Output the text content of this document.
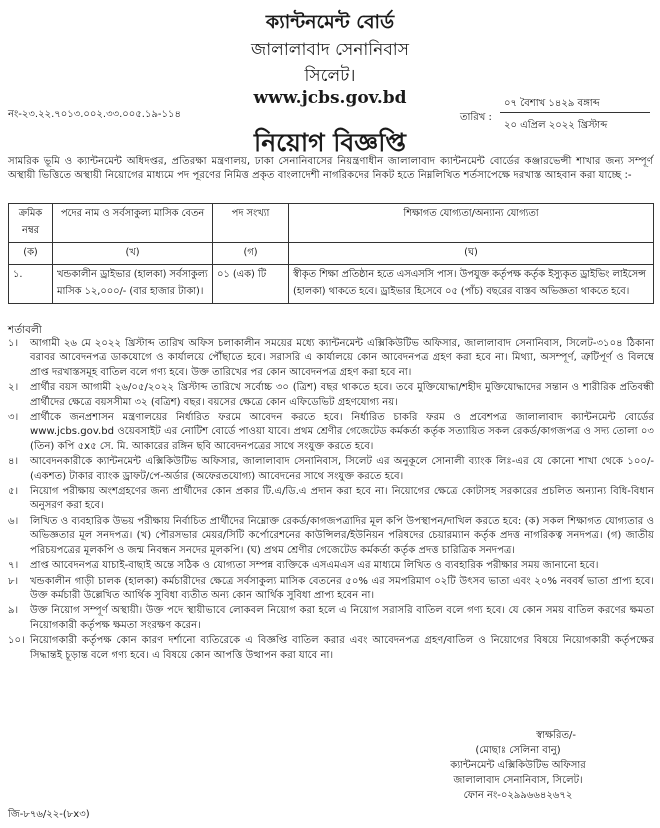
ক্যান্টনমেন্ট বোর্ড
জালালাবাদ সেনানিবাস
সিলেট।
www.jcbs.gov.bd
নং-২৩.২২.৭০১৩.০০২.৩৩.০০৫.১৯-১১৪	তারিখ :
০৭ বৈশাখ ১৪২৯ বঙ্গাব্দ
২০ এপ্রিল ২০২২ খ্রিস্টাব্দ
নিয়োগ বিজ্ঞপ্তি
সামরিক ভূমি ও ক্যান্টনমেন্ট অধিদপ্তর, প্রতিরক্ষা মন্ত্রণালয়, ঢাকা সেনানিবাসের নিয়ন্ত্রণাধীন জালালাবাদ ক্যান্টনমেন্ট বোর্ডের কঞ্জারভেন্সী শাখার জন্য সম্পূর্ণ অস্থায়ী ভিত্তিতে অস্থায়ী নিয়োগের মাধ্যমে পদ পূরণের নিমিত্ত প্রকৃত বাংলাদেশী নাগরিকদের নিকট হতে নিম্নলিখিত শর্তসাপেক্ষে দরখাস্ত আহবান করা যাচ্ছে :-
ক্রমিক নম্বর	পদের নাম ও সর্বসাকুল্য মাসিক বেতন	পদ সংখ্যা	শিক্ষাগত যোগ্যতা/অন্যান্য যোগ্যতা
(ক)	(খ)	(গ)	(ঘ)
১.	খন্ডকালীন ড্রাইভার (হালকা) সর্বসাকুল্য মাসিক ১২,০০০/- (বার হাজার টাকা)।	০১ (এক) টি	স্বীকৃত শিক্ষা প্রতিষ্ঠান হতে এসএসসি পাস। উপযুক্ত কর্তৃপক্ষ কর্তৃক ইস্যুকৃত ড্রাইভিং লাইসেন্স (হালকা) থাকতে হবে। ড্রাইভার হিসেবে ০৫ (পাঁচ) বছরের বাস্তব অভিজ্ঞতা থাকতে হবে।
শর্তাবলী
১।	আগামী ২৬ মে ২০২২ খ্রিস্টাব্দ তারিখ অফিস চলাকালীন সময়ের মধ্যে ক্যান্টনমেন্ট এক্সিকিউটিভ অফিসার, জালালাবাদ সেনানিবাস, সিলেট-৩১০৪ ঠিকানা বরাবর আবেদনপত্র ডাকযোগে ও কার্যালয়ে পৌঁছাতে হবে। সরাসরি এ কার্যালয়ে কোন আবেদনপত্র গ্রহণ করা হবে না। মিথ্যা, অসম্পূর্ণ, ত্রুটিপূর্ণ ও বিলম্বে প্রাপ্ত দরখাস্তসমূহ বাতিল বলে গণ্য হবে। উক্ত তারিখের পর কোন আবেদনপত্র গ্রহণ করা হবে না।
২।	প্রার্থীর বয়স আগামী ২৬/০৫/২০২২ খ্রিস্টাব্দ তারিখে সর্বোচ্চ ৩০ (ত্রিশ) বছর থাকতে হবে। তবে মুক্তিযোদ্ধা/শহীদ মুক্তিযোদ্ধাদের সন্তান ও শারীরিক প্রতিবন্ধী প্রার্থীদের ক্ষেত্রে বয়সসীমা ৩২ (বত্রিশ) বছর। বয়সের ক্ষেত্রে কোন এফিডেভিট গ্রহণযোগ্য নয়।
৩।	প্রার্থীকে জনপ্রশাসন মন্ত্রণালয়ের নির্ধারিত ফরমে আবেদন করতে হবে। নির্ধারিত চাকরি ফরম ও প্রবেশপত্র জালালাবাদ ক্যান্টনমেন্ট বোর্ডের www.jcbs.gov.bd ওয়েবসাইট এর নোটিশ বোর্ডে পাওয়া যাবে। প্রথম শ্রেণীর গেজেটেড কর্মকর্তা কর্তৃক সত্যায়িত সকল রেকর্ড/কাগজপত্র ও সদ্য তোলা ০৩ (তিন) কপি ৫x৫ সে. মি. আকারের রঙ্গিন ছবি আবেদনপত্রের সাথে সংযুক্ত করতে হবে।
৪।	আবেদনকারীকে ক্যান্টনমেন্ট এক্সিকিউটিভ অফিসার, জালালাবাদ সেনানিবাস, সিলেট এর অনুকূলে সোনালী ব্যাংক লিঃ-এর যে কোনো শাখা থেকে ১০০/- (একশত) টাকার ব্যাংক ড্রাফট/পে-অর্ডার (অফেরতযোগ্য) আবেদনের সাথে সংযুক্ত করতে হবে।
৫।	নিয়োগ পরীক্ষায় অংশগ্রহণের জন্য প্রার্থীদের কোন প্রকার টি.এ/ডি.এ প্রদান করা হবে না। নিয়োগের ক্ষেত্রে কোটাসহ সরকারের প্রচলিত অন্যান্য বিধি-বিধান অনুসরণ করা হবে।
৬।	লিখিত ও ব্যবহারিক উভয় পরীক্ষায় নির্বাচিত প্রার্থীদের নিম্নোক্ত রেকর্ড/কাগজপত্রাদির মূল কপি উপস্থাপন/দাখিল করতে হবে: (ক) সকল শিক্ষাগত যোগ্যতার ও অভিজ্ঞতার মূল সনদপত্র। (খ) পৌরসভার মেয়র/সিটি কর্পোরেশনের কাউন্সিলর/ইউনিয়ন পরিষদের চেয়ারম্যান কর্তৃক প্রদত্ত নাগরিকত্ব সনদপত্র। (গ) জাতীয় পরিচয়পত্রের মূলকপি ও জন্ম নিবন্ধন সনদের মূলকপি। (ঘ) প্রথম শ্রেণীর গেজেটেড কর্মকর্তা কর্তৃক প্রদত্ত চারিত্রিক সনদপত্র।
৭।	প্রাপ্ত আবেদনপত্র যাচাই-বাছাই অন্তে সঠিক ও যোগ্যতা সম্পন্ন ব্যক্তিকে এসএমএস এর মাধ্যমে লিখিত ও ব্যবহারিক পরীক্ষার সময় জানানো হবে।
৮।	খন্ডকালীন গাড়ী চালক (হালকা) কর্মচারীদের ক্ষেত্রে সর্বসাকুল্য মাসিক বেতনের ৫০% এর সমপরিমাণ ০২টি উৎসব ভাতা এবং ২০% নববর্ষ ভাতা প্রাপ্য হবে। উক্ত কর্মচারী উল্লেখিত আর্থিক সুবিধা ব্যতীত অন্য কোন আর্থিক সুবিধা প্রাপ্য হবেন না।
৯।	উক্ত নিয়োগ সম্পূর্ণ অস্থায়ী। উক্ত পদে স্থায়ীভাবে লোকবল নিয়োগ করা হলে এ নিয়োগ সরাসরি বাতিল বলে গণ্য হবে। যে কোন সময় বাতিল করণের ক্ষমতা নিয়োগকারী কর্তৃপক্ষ ক্ষমতা সংরক্ষণ করেন।
১০। নিয়োগকারী কর্তৃপক্ষ কোন কারণ দর্শানো ব্যতিরেকে এ বিজ্ঞপ্তি বাতিল করার এবং আবেদনপত্র গ্রহণ/বাতিল ও নিয়োগের বিষয়ে নিয়োগকারী কর্তৃপক্ষের সিদ্ধান্তই চূড়ান্ত বলে গণ্য হবে। এ বিষয়ে কোন আপত্তি উত্থাপন করা যাবে না।
স্বাক্ষরিত/-
(মোছাঃ সেলিনা বানু)
ক্যান্টনমেন্ট এক্সিকিউটিভ অফিসার
জালালাবাদ সেনানিবাস, সিলেট।
ফোন নং-০২৯৯৬৬৪২৬৭২
জি-৮৭৬/২২-(৮x৩)
